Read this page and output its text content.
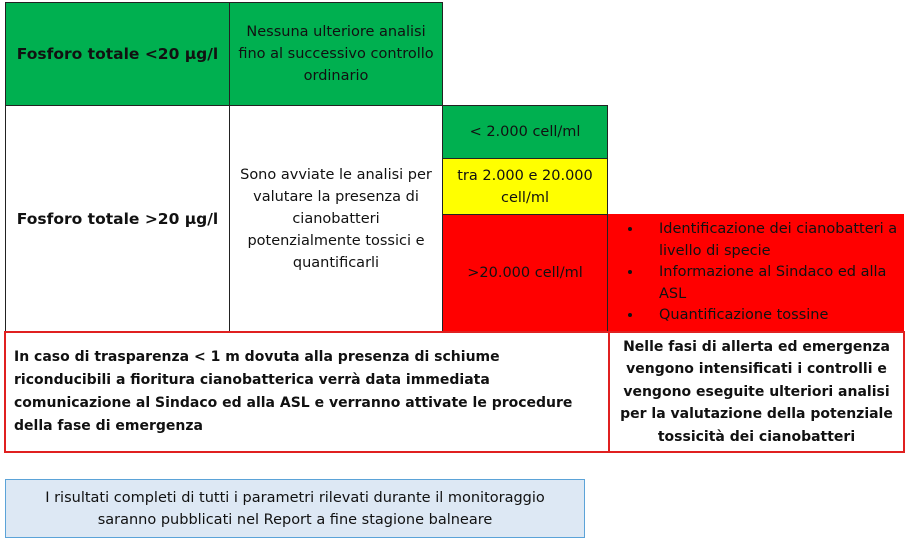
Fosforo totale <20 µg/l
Nessuna ulteriore analisi fino al successivo controllo ordinario
Fosforo totale >20 µg/l
Sono avviate le analisi per valutare la presenza di cianobatteri potenzialmente tossici e quantificarli
< 2.000 cell/ml
tra 2.000 e 20.000 cell/ml
>20.000 cell/ml
• Identificazione dei cianobatteri a livello di specie
• Informazione al Sindaco ed alla ASL
• Quantificazione tossine
In caso di trasparenza < 1 m dovuta alla presenza di schiume riconducibili a fioritura cianobatterica verrà data immediata comunicazione al Sindaco ed alla ASL e verranno attivate le procedure della fase di emergenza
Nelle fasi di allerta ed emergenza vengono intensificati i controlli e vengono eseguite ulteriori analisi per la valutazione della potenziale tossicità dei cianobatteri
I risultati completi di tutti i parametri rilevati durante il monitoraggio saranno pubblicati nel Report a fine stagione balneare
